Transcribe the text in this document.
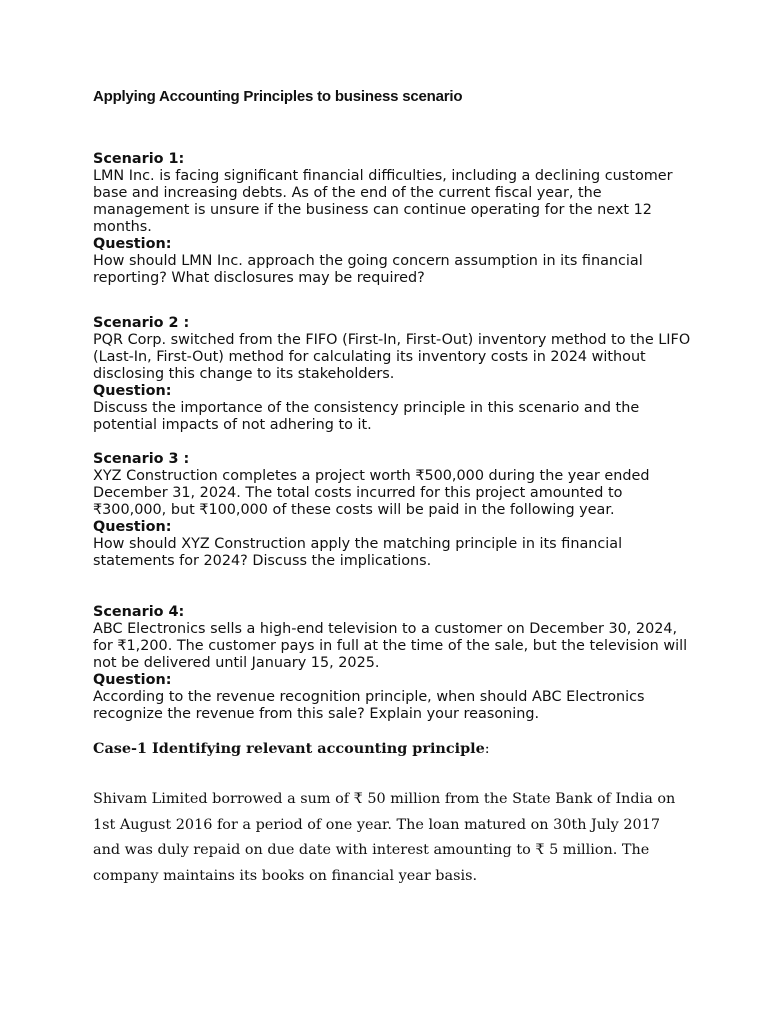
Applying Accounting Principles to business scenario

Scenario 1:

LMN Inc. is facing significant financial difficulties, including a declining customer base and increasing debts. As of the end of the current fiscal year, the management is unsure if the business can continue operating for the next 12 months.

Question:

How should LMN Inc. approach the going concern assumption in its financial reporting? What disclosures may be required?

Scenario 2 :

PQR Corp. switched from the FIFO (First-In, First-Out) inventory method to the LIFO (Last-In, First-Out) method for calculating its inventory costs in 2024 without disclosing this change to its stakeholders.

Question:

Discuss the importance of the consistency principle in this scenario and the potential impacts of not adhering to it.

Scenario 3 :

XYZ Construction completes a project worth ₹500,000 during the year ended December 31, 2024. The total costs incurred for this project amounted to ₹300,000, but ₹100,000 of these costs will be paid in the following year.

Question:

How should XYZ Construction apply the matching principle in its financial statements for 2024? Discuss the implications.

Scenario 4:

ABC Electronics sells a high-end television to a customer on December 30, 2024, for ₹1,200. The customer pays in full at the time of the sale, but the television will not be delivered until January 15, 2025.

Question:

According to the revenue recognition principle, when should ABC Electronics recognize the revenue from this sale? Explain your reasoning.

Case-1 Identifying relevant accounting principle:

Shivam Limited borrowed a sum of ₹ 50 million from the State Bank of India on 1st August 2016 for a period of one year. The loan matured on 30th July 2017 and was duly repaid on due date with interest amounting to ₹ 5 million. The company maintains its books on financial year basis.
